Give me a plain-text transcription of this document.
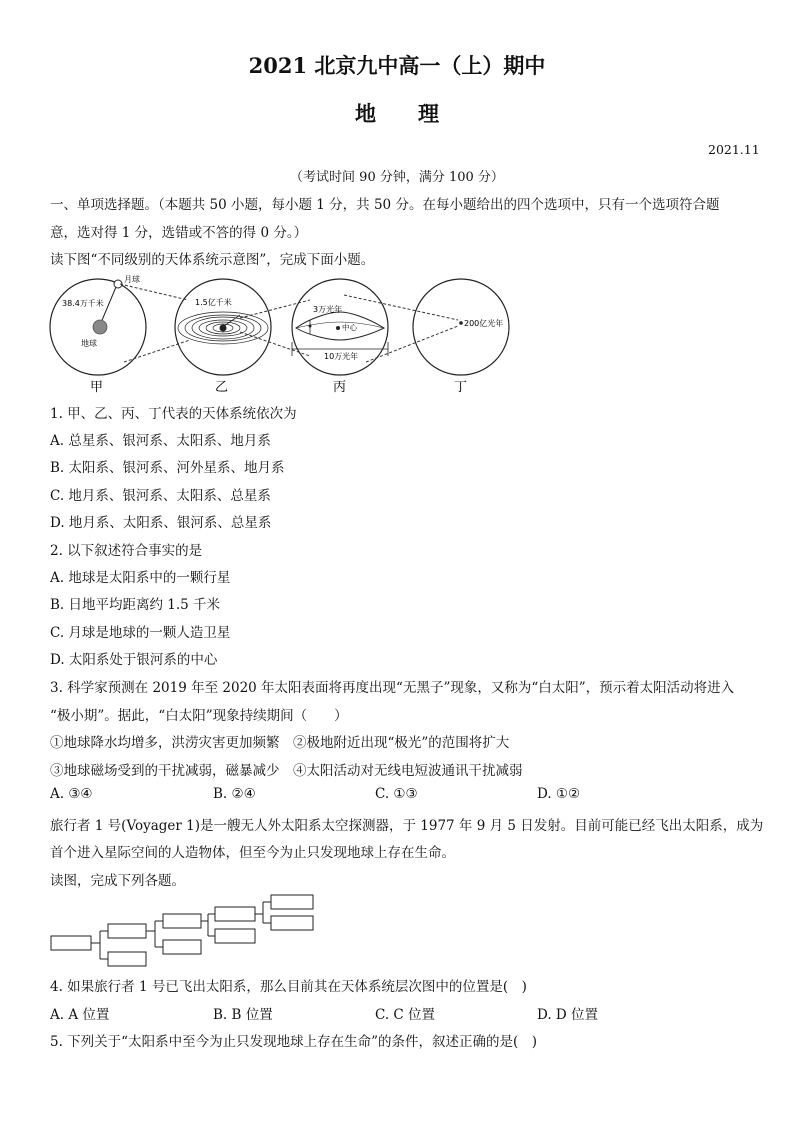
2021 北京九中高一（上）期中
地　　理
2021.11
（考试时间 90 分钟，满分 100 分）
一、单项选择题。（本题共 50 小题，每小题 1 分，共 50 分。在每小题给出的四个选项中，只有一个选项符合题
意，选对得 1 分，选错或不答的得 0 分。）
读下图“不同级别的天体系统示意图”，完成下面小题。
月球
38.4万千米
地球
1.5亿千米
3万光年
中心
10万光年
200亿光年
甲	乙	丙	丁
1. 甲、乙、丙、丁代表的天体系统依次为
A. 总星系、银河系、太阳系、地月系
B. 太阳系、银河系、河外星系、地月系
C. 地月系、银河系、太阳系、总星系
D. 地月系、太阳系、银河系、总星系
2. 以下叙述符合事实的是
A. 地球是太阳系中的一颗行星
B. 日地平均距离约 1.5 千米
C. 月球是地球的一颗人造卫星
D. 太阳系处于银河系的中心
3. 科学家预测在 2019 年至 2020 年太阳表面将再度出现“无黑子”现象，又称为“白太阳”，预示着太阳活动将进入
“极小期”。据此，“白太阳”现象持续期间（　　）
①地球降水均增多，洪涝灾害更加频繁　②极地附近出现“极光”的范围将扩大
③地球磁场受到的干扰减弱，磁暴减少　④太阳活动对无线电短波通讯干扰减弱
A. ③④	B. ②④	C. ①③	D. ①②
旅行者 1 号(Voyager 1)是一艘无人外太阳系太空探测器，于 1977 年 9 月 5 日发射。目前可能已经飞出太阳系，成为
首个进入星际空间的人造物体，但至今为止只发现地球上存在生命。
读图，完成下列各题。
4. 如果旅行者 1 号已飞出太阳系，那么目前其在天体系统层次图中的位置是(　)
A. A 位置	B. B 位置	C. C 位置	D. D 位置
5. 下列关于“太阳系中至今为止只发现地球上存在生命”的条件，叙述正确的是(　)
